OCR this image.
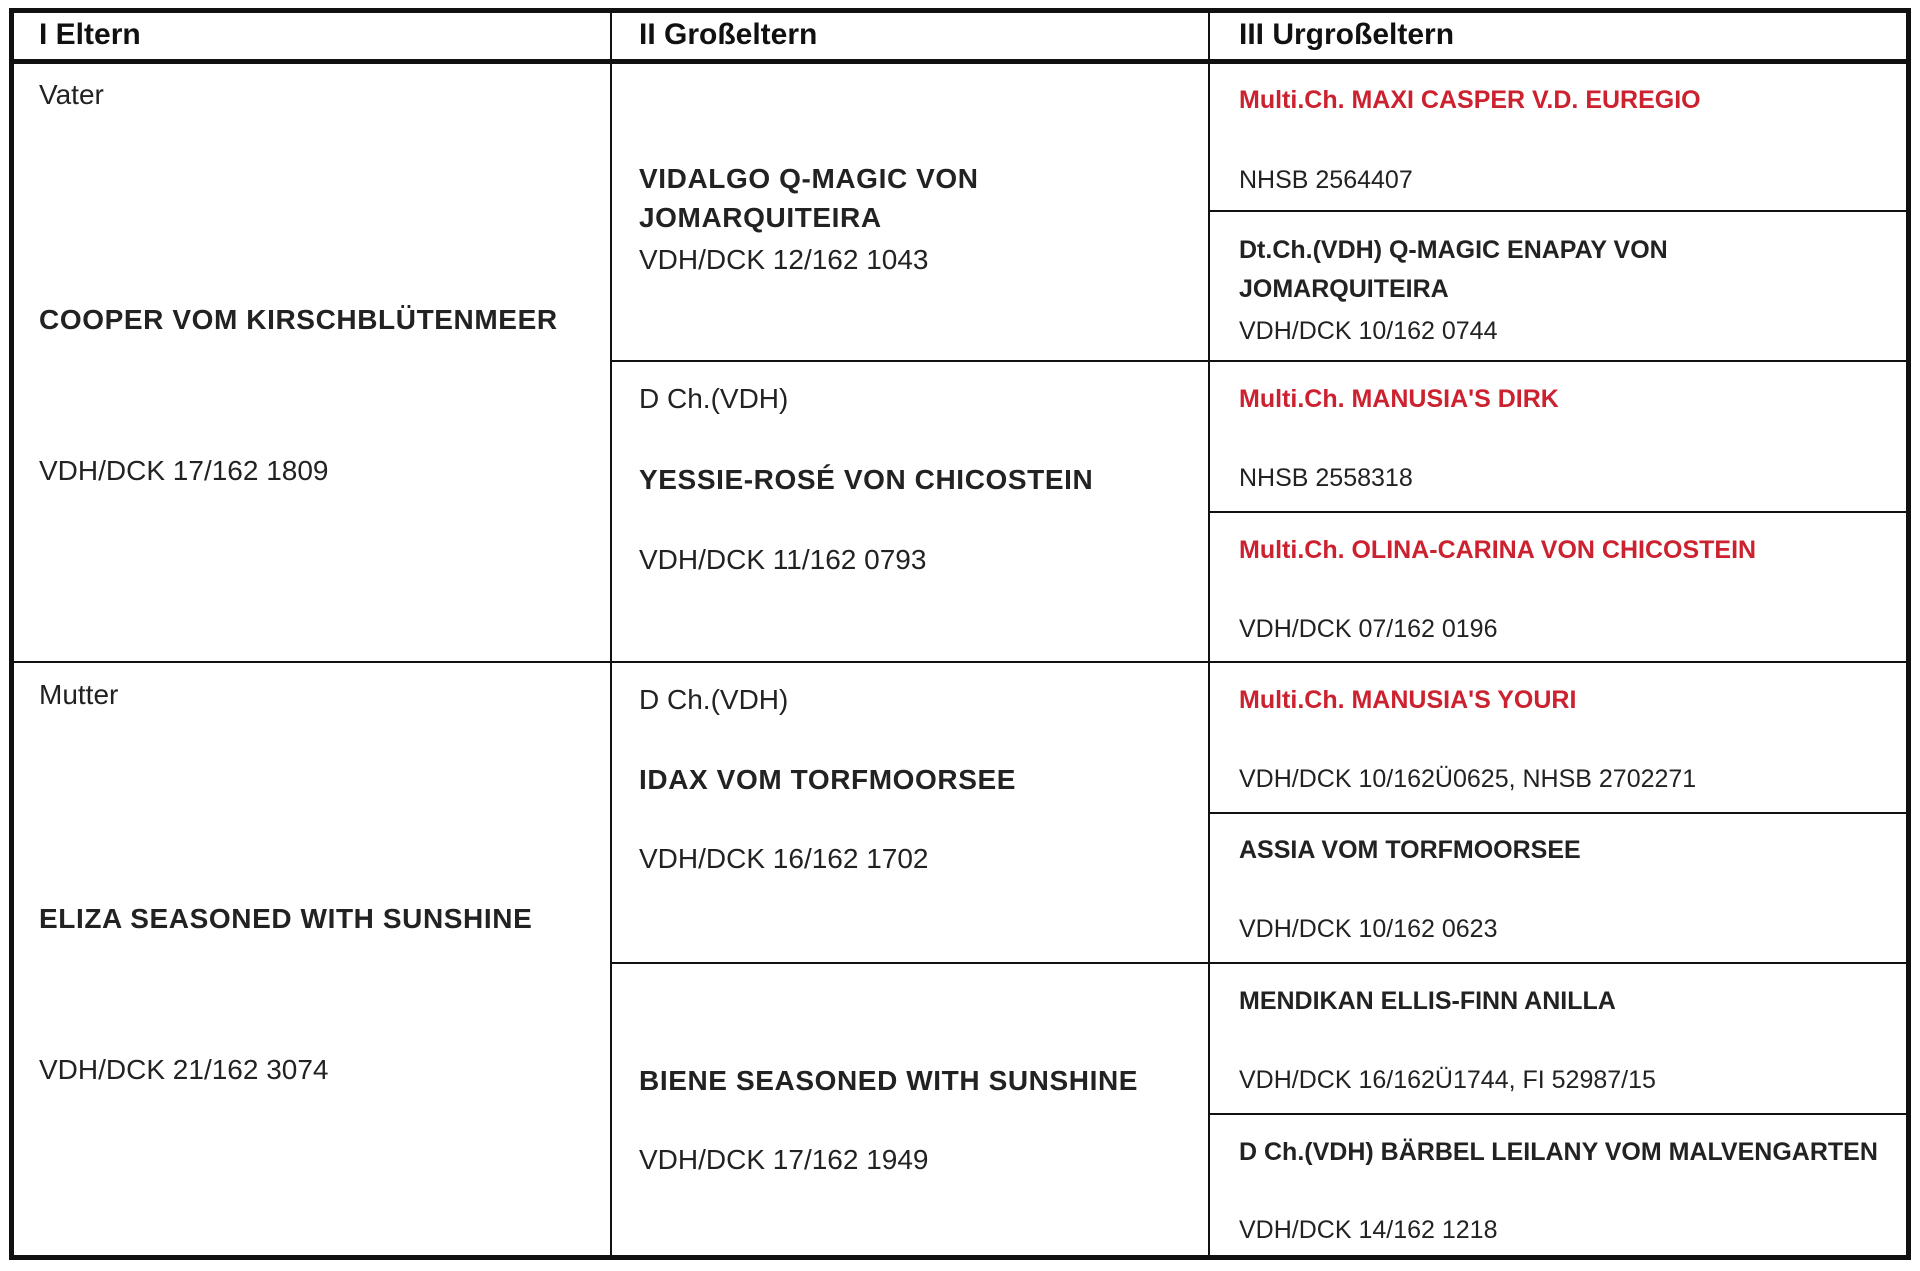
I Eltern	II Großeltern	III Urgroßeltern
Vater
COOPER VOM KIRSCHBLÜTENMEER
VDH/DCK 17/162 1809
Mutter
ELIZA SEASONED WITH SUNSHINE
VDH/DCK 21/162 3074
VIDALGO Q-MAGIC VON
JOMARQUITEIRA
VDH/DCK 12/162 1043
D Ch.(VDH)
YESSIE-ROSÉ VON CHICOSTEIN
VDH/DCK 11/162 0793
D Ch.(VDH)
IDAX VOM TORFMOORSEE
VDH/DCK 16/162 1702
BIENE SEASONED WITH SUNSHINE
VDH/DCK 17/162 1949
Multi.Ch. MAXI CASPER V.D. EUREGIO
NHSB 2564407
Dt.Ch.(VDH) Q-MAGIC ENAPAY VON
JOMARQUITEIRA
VDH/DCK 10/162 0744
Multi.Ch. MANUSIA'S DIRK
NHSB 2558318
Multi.Ch. OLINA-CARINA VON CHICOSTEIN
VDH/DCK 07/162 0196
Multi.Ch. MANUSIA'S YOURI
VDH/DCK 10/162Ü0625, NHSB 2702271
ASSIA VOM TORFMOORSEE
VDH/DCK 10/162 0623
MENDIKAN ELLIS-FINN ANILLA
VDH/DCK 16/162Ü1744, FI 52987/15
D Ch.(VDH) BÄRBEL LEILANY VOM MALVENGARTEN
VDH/DCK 14/162 1218
